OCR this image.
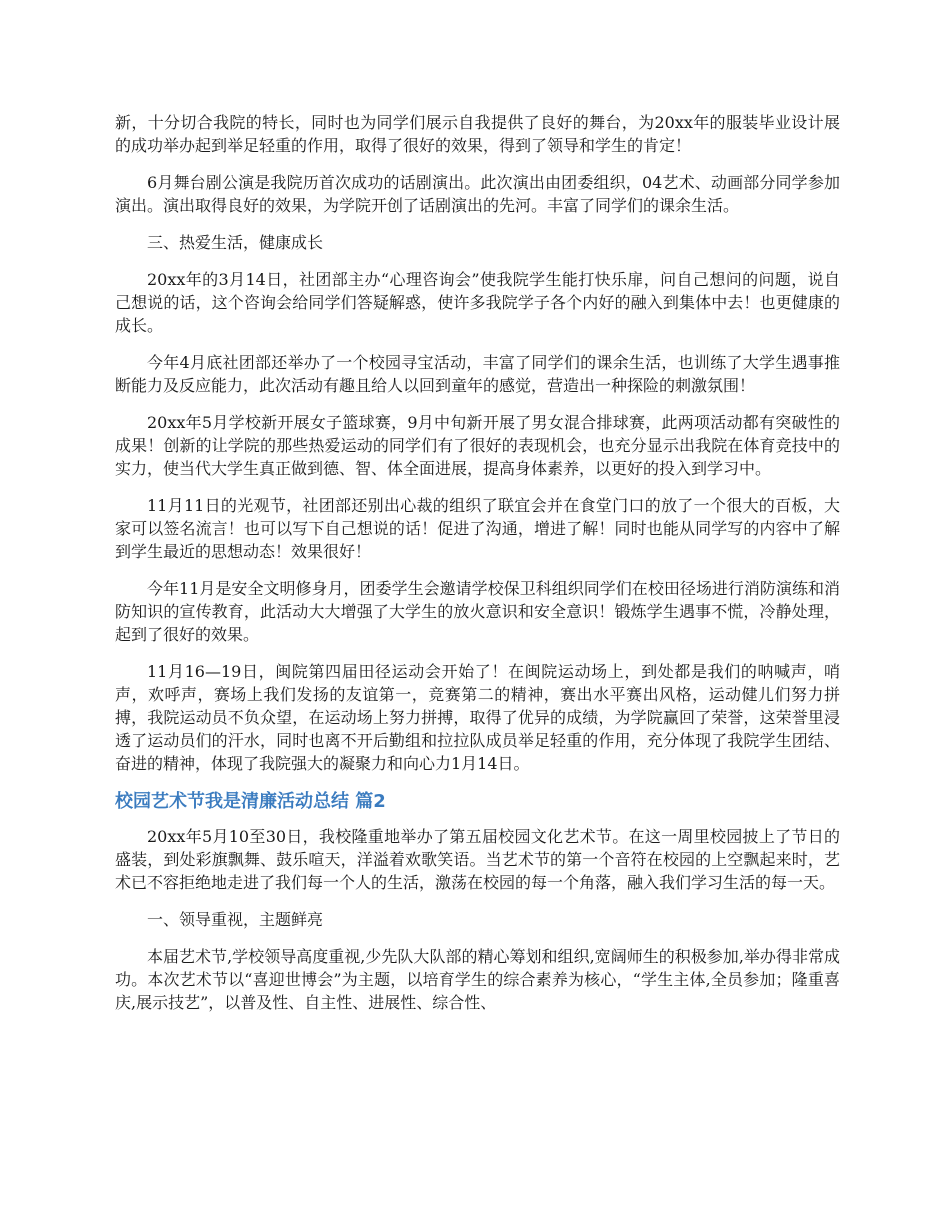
新，十分切合我院的特长，同时也为同学们展示自我提供了良好的舞台，为20xx年的服装毕业设计展的成功举办起到举足轻重的作用，取得了很好的效果，得到了领导和学生的肯定！

6月舞台剧公演是我院历首次成功的话剧演出。此次演出由团委组织，04艺术、动画部分同学参加演出。演出取得良好的效果，为学院开创了话剧演出的先河。丰富了同学们的课余生活。

三、热爱生活，健康成长

20xx年的3月14日，社团部主办“心理咨询会”使我院学生能打快乐扉，问自己想问的问题，说自己想说的话，这个咨询会给同学们答疑解惑，使许多我院学子各个内好的融入到集体中去！也更健康的成长。

今年4月底社团部还举办了一个校园寻宝活动，丰富了同学们的课余生活，也训练了大学生遇事推断能力及反应能力，此次活动有趣且给人以回到童年的感觉，营造出一种探险的刺激氛围！

20xx年5月学校新开展女子篮球赛，9月中旬新开展了男女混合排球赛，此两项活动都有突破性的成果！创新的让学院的那些热爱运动的同学们有了很好的表现机会，也充分显示出我院在体育竞技中的实力，使当代大学生真正做到德、智、体全面进展，提高身体素养，以更好的投入到学习中。

11月11日的光观节，社团部还别出心裁的组织了联宜会并在食堂门口的放了一个很大的百板，大家可以签名流言！也可以写下自己想说的话！促进了沟通，增进了解！同时也能从同学写的内容中了解到学生最近的思想动态！效果很好！

今年11月是安全文明修身月，团委学生会邀请学校保卫科组织同学们在校田径场进行消防演练和消防知识的宣传教育，此活动大大增强了大学生的放火意识和安全意识！锻炼学生遇事不慌，冷静处理，起到了很好的效果。

11月16—19日，闽院第四届田径运动会开始了！在闽院运动场上，到处都是我们的呐喊声，哨声，欢呼声，赛场上我们发扬的友谊第一，竞赛第二的精神，赛出水平赛出风格，运动健儿们努力拼搏，我院运动员不负众望，在运动场上努力拼搏，取得了优异的成绩，为学院赢回了荣誉，这荣誉里浸透了运动员们的汗水，同时也离不开后勤组和拉拉队成员举足轻重的作用，充分体现了我院学生团结、奋进的精神，体现了我院强大的凝聚力和向心力1月14日。

校园艺术节我是清廉活动总结 篇2

20xx年5月10至30日，我校隆重地举办了第五届校园文化艺术节。在这一周里校园披上了节日的盛装，到处彩旗飘舞、鼓乐喧天，洋溢着欢歌笑语。当艺术节的第一个音符在校园的上空飘起来时，艺术已不容拒绝地走进了我们每一个人的生活，激荡在校园的每一个角落，融入我们学习生活的每一天。

一、领导重视，主题鲜亮

本届艺术节,学校领导高度重视,少先队大队部的精心筹划和组织,宽阔师生的积极参加,举办得非常成功。本次艺术节以“喜迎世博会”为主题，以培育学生的综合素养为核心，“学生主体,全员参加；隆重喜庆,展示技艺”，以普及性、自主性、进展性、综合性、
